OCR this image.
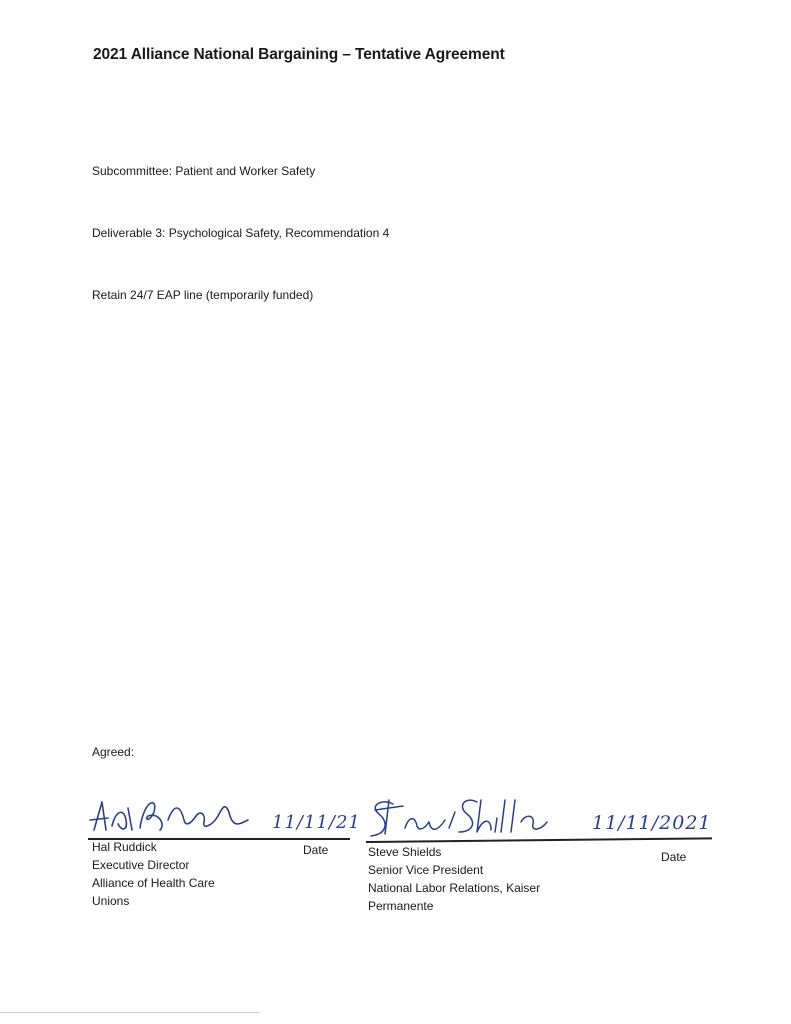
2021 Alliance National Bargaining – Tentative Agreement
Subcommittee: Patient and Worker Safety
Deliverable 3: Psychological Safety, Recommendation 4
Retain 24/7 EAP line (temporarily funded)
Agreed:
11/11/21
Date
Hal Ruddick
Executive Director
Alliance of Health Care
Unions
11/11/2021
Date
Steve Shields
Senior Vice President
National Labor Relations, Kaiser
Permanente
